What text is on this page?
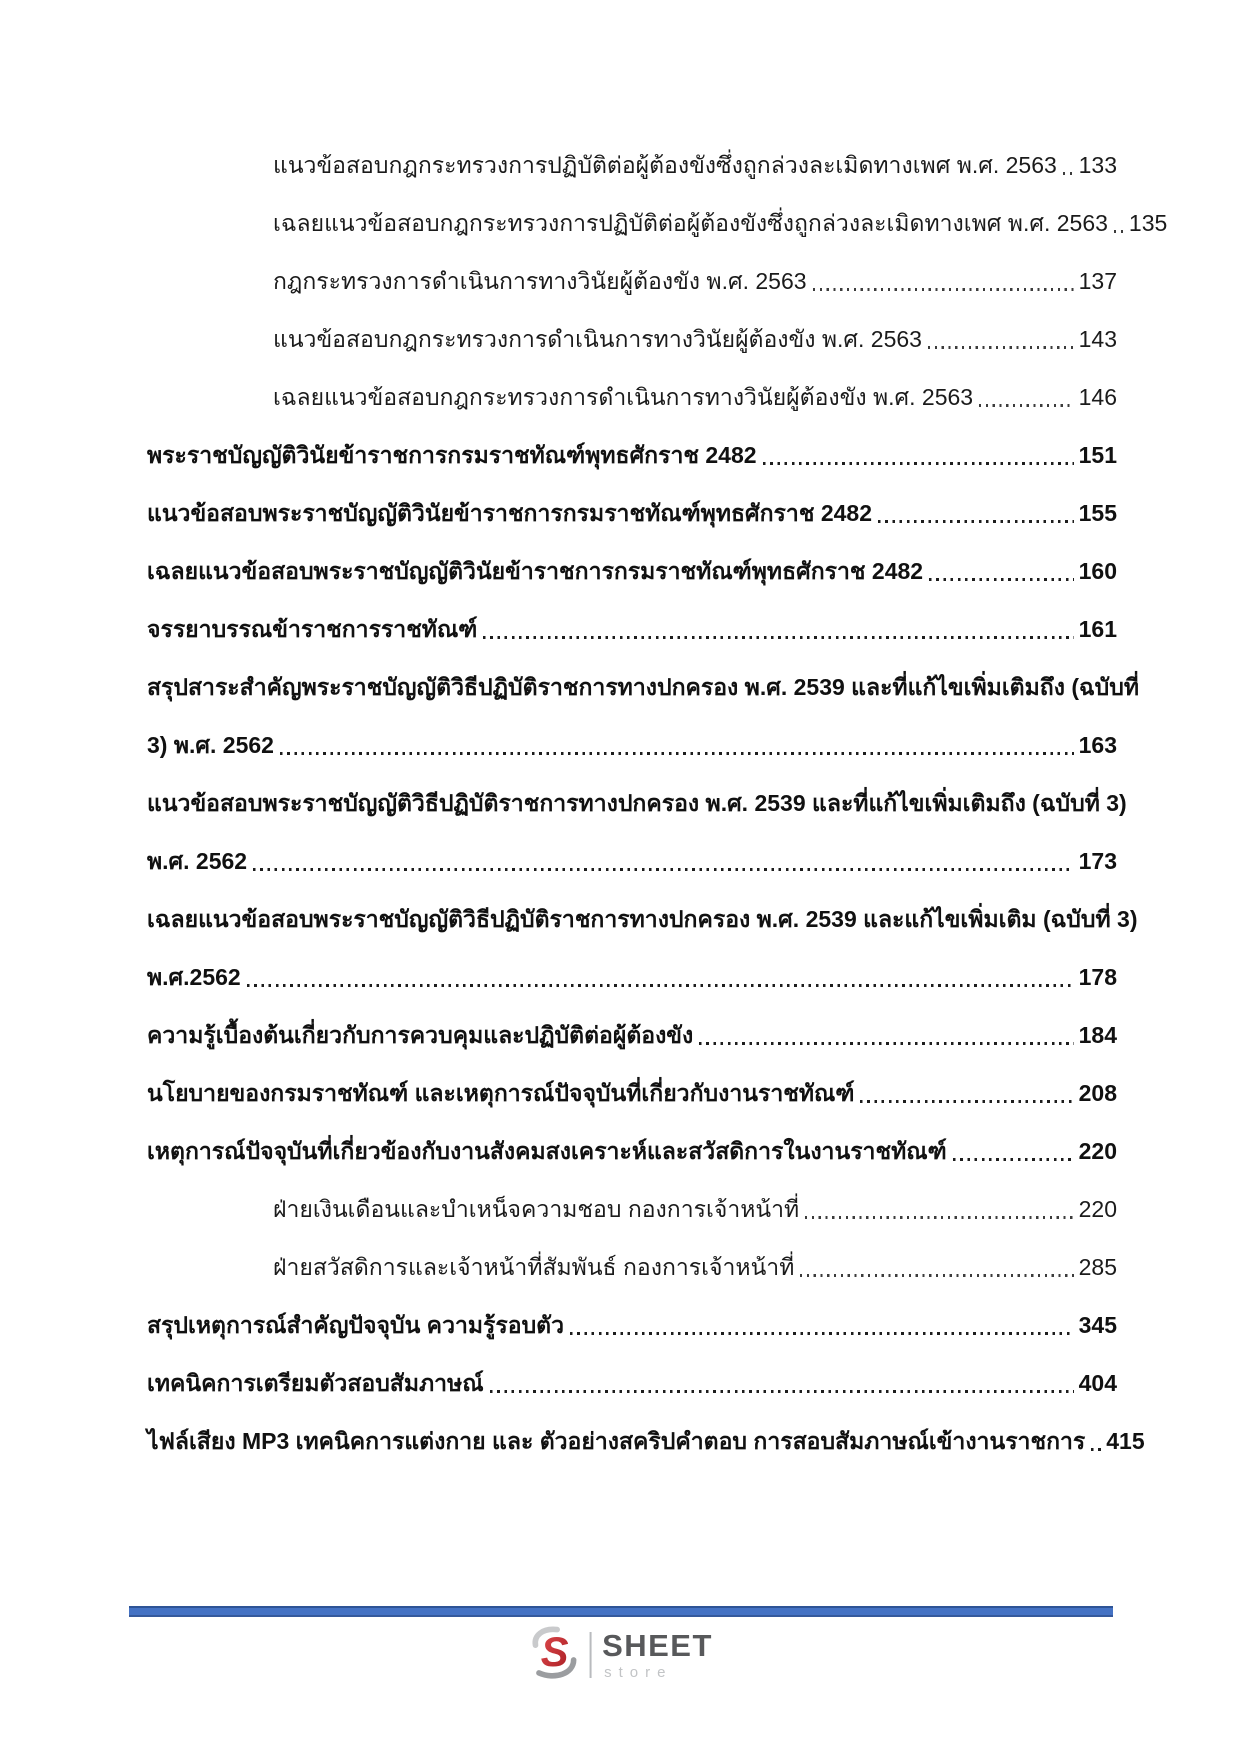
แนวข้อสอบกฎกระทรวงการปฏิบัติต่อผู้ต้องขังซึ่งถูกล่วงละเมิดทางเพศ พ.ศ. 2563 133
เฉลยแนวข้อสอบกฎกระทรวงการปฏิบัติต่อผู้ต้องขังซึ่งถูกล่วงละเมิดทางเพศ พ.ศ. 2563 135
กฎกระทรวงการดำเนินการทางวินัยผู้ต้องขัง พ.ศ. 2563	137
แนวข้อสอบกฎกระทรวงการดำเนินการทางวินัยผู้ต้องขัง พ.ศ. 2563	143
เฉลยแนวข้อสอบกฎกระทรวงการดำเนินการทางวินัยผู้ต้องขัง พ.ศ. 2563	146
พระราชบัญญัติวินัยข้าราชการกรมราชทัณฑ์พุทธศักราช 2482	151
แนวข้อสอบพระราชบัญญัติวินัยข้าราชการกรมราชทัณฑ์พุทธศักราช 2482	155
เฉลยแนวข้อสอบพระราชบัญญัติวินัยข้าราชการกรมราชทัณฑ์พุทธศักราช 2482	160
จรรยาบรรณข้าราชการราชทัณฑ์	161
สรุปสาระสำคัญพระราชบัญญัติวิธีปฏิบัติราชการทางปกครอง พ.ศ. 2539 และที่แก้ไขเพิ่มเติมถึง (ฉบับที่
3) พ.ศ. 2562	163
แนวข้อสอบพระราชบัญญัติวิธีปฏิบัติราชการทางปกครอง พ.ศ. 2539 และที่แก้ไขเพิ่มเติมถึง (ฉบับที่ 3)
พ.ศ. 2562	173
เฉลยแนวข้อสอบพระราชบัญญัติวิธีปฏิบัติราชการทางปกครอง พ.ศ. 2539 และแก้ไขเพิ่มเติม (ฉบับที่ 3)
พ.ศ.2562	178
ความรู้เบื้องต้นเกี่ยวกับการควบคุมและปฏิบัติต่อผู้ต้องขัง	184
นโยบายของกรมราชทัณฑ์ และเหตุการณ์ปัจจุบันที่เกี่ยวกับงานราชทัณฑ์	208
เหตุการณ์ปัจจุบันที่เกี่ยวข้องกับงานสังคมสงเคราะห์และสวัสดิการในงานราชทัณฑ์	220
ฝ่ายเงินเดือนและบำเหน็จความชอบ กองการเจ้าหน้าที่	220
ฝ่ายสวัสดิการและเจ้าหน้าที่สัมพันธ์ กองการเจ้าหน้าที่	285
สรุปเหตุการณ์สำคัญปัจจุบัน ความรู้รอบตัว	345
เทคนิคการเตรียมตัวสอบสัมภาษณ์	404
ไฟล์เสียง MP3 เทคนิคการแต่งกาย และ ตัวอย่างสคริปคำตอบ การสอบสัมภาษณ์เข้างานราชการ 415
S SHEET
store
